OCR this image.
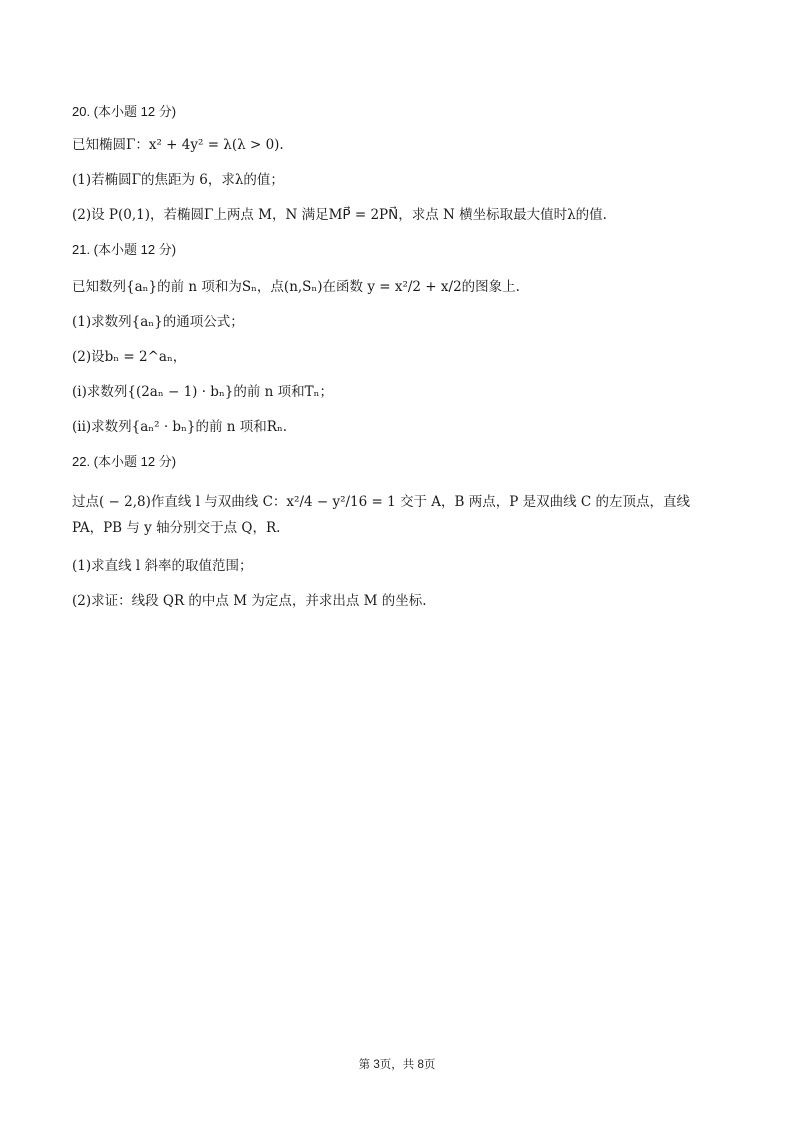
20. (本小题 12 分)

已知椭圆Γ：x² + 4y² = λ(λ > 0).

(1)若椭圆Γ的焦距为 6，求λ的值；

(2)设 P(0,1)，若椭圆Γ上两点 M，N 满足MP⃗ = 2PN⃗，求点 N 横坐标取最大值时λ的值.

21. (本小题 12 分)

已知数列{aₙ}的前 n 项和为Sₙ，点(n,Sₙ)在函数 y = x²/2 + x/2的图象上.

(1)求数列{aₙ}的通项公式；

(2)设bₙ = 2^aₙ，

(i)求数列{(2aₙ − 1) · bₙ}的前 n 项和Tₙ；

(ii)求数列{aₙ² · bₙ}的前 n 项和Rₙ.

22. (本小题 12 分)

过点( − 2,8)作直线 l 与双曲线 C：x²/4 − y²/16 = 1 交于 A，B 两点，P 是双曲线 C 的左顶点，直线 PA，PB 与 y 轴分别交于点 Q，R.

(1)求直线 l 斜率的取值范围；

(2)求证：线段 QR 的中点 M 为定点，并求出点 M 的坐标.

第 3页，共 8页
